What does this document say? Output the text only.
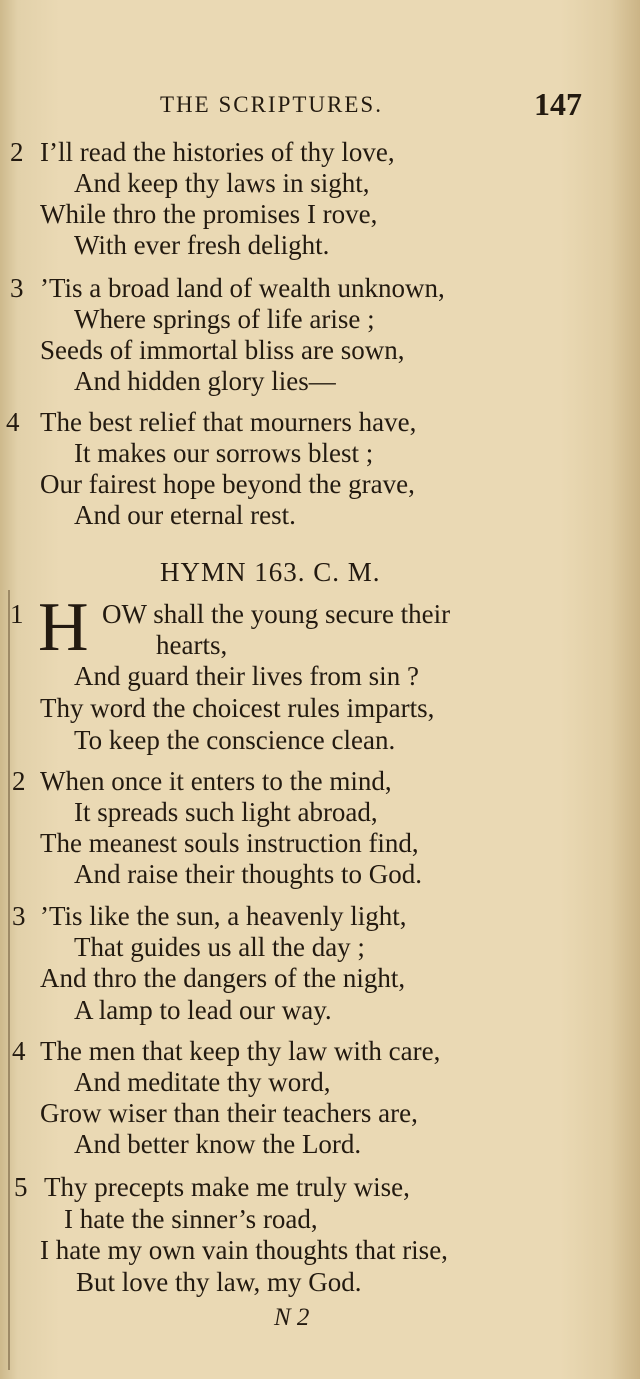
THE SCRIPTURES.	147
2 I’ll read the histories of thy love,
And keep thy laws in sight,
While thro the promises I rove,
With ever fresh delight.
3 ’Tis a broad land of wealth unknown,
Where springs of life arise ;
Seeds of immortal bliss are sown,
And hidden glory lies—
4 The best relief that mourners have,
It makes our sorrows blest ;
Our fairest hope beyond the grave,
And our eternal rest.
HYMN 163. C. M.
1 H OW shall the young secure their
hearts,
And guard their lives from sin ?
Thy word the choicest rules imparts,
To keep the conscience clean.
2 When once it enters to the mind,
It spreads such light abroad,
The meanest souls instruction find,
And raise their thoughts to God.
3 ’Tis like the sun, a heavenly light,
That guides us all the day ;
And thro the dangers of the night,
A lamp to lead our way.
4 The men that keep thy law with care,
And meditate thy word,
Grow wiser than their teachers are,
And better know the Lord.
5 Thy precepts make me truly wise,
I hate the sinner’s road,
I hate my own vain thoughts that rise,
But love thy law, my God.
N 2
